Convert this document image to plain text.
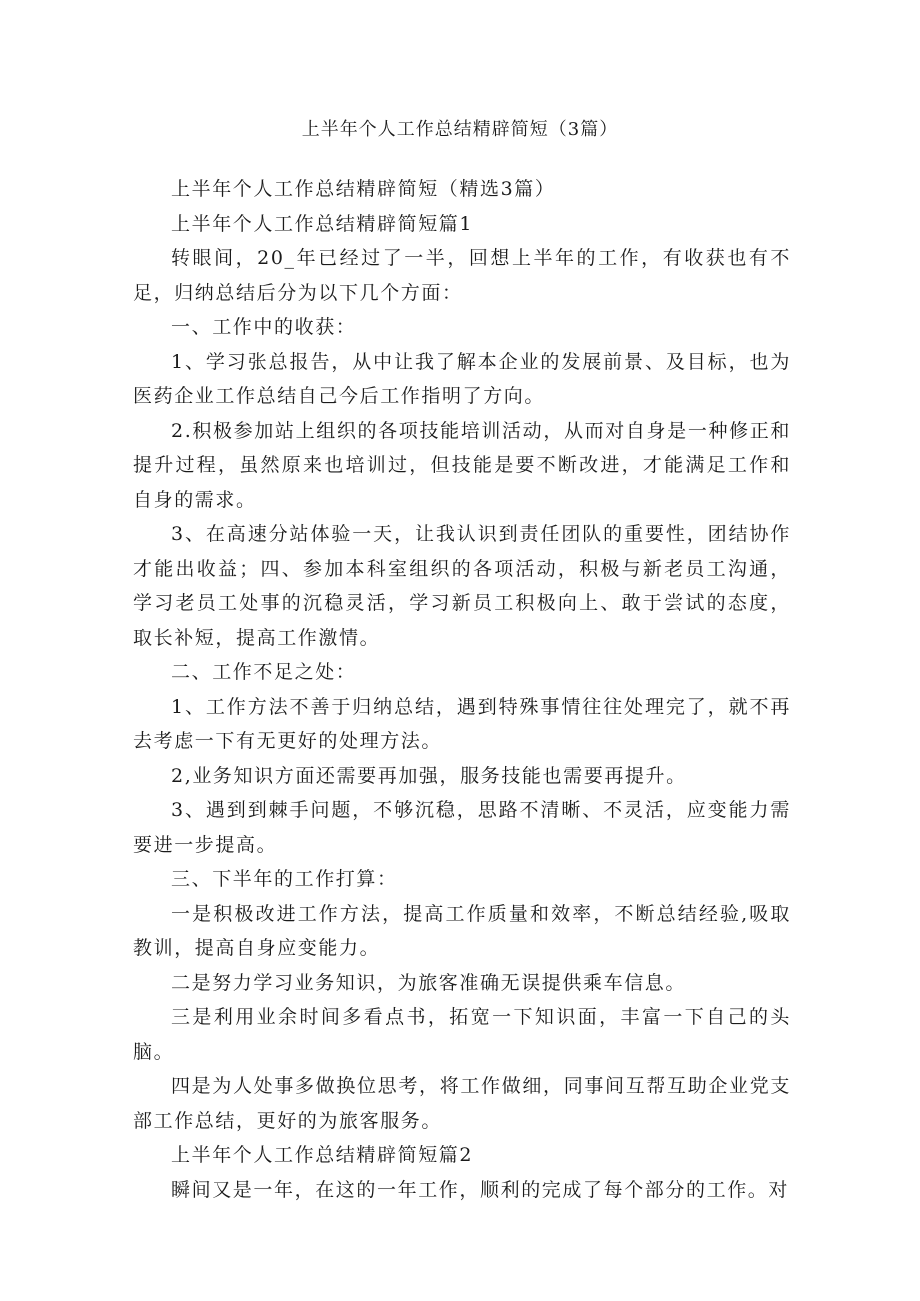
上半年个人工作总结精辟简短（3篇）

上半年个人工作总结精辟简短（精选3篇）

上半年个人工作总结精辟简短篇1

转眼间，20_年已经过了一半，回想上半年的工作，有收获也有不足，归纳总结后分为以下几个方面：

一、工作中的收获：

1、学习张总报告，从中让我了解本企业的发展前景、及目标，也为医药企业工作总结自己今后工作指明了方向。

2.积极参加站上组织的各项技能培训活动，从而对自身是一种修正和提升过程，虽然原来也培训过，但技能是要不断改进，才能满足工作和自身的需求。

3、在高速分站体验一天，让我认识到责任团队的重要性，团结协作才能出收益；四、参加本科室组织的各项活动，积极与新老员工沟通，学习老员工处事的沉稳灵活，学习新员工积极向上、敢于尝试的态度，取长补短，提高工作激情。

二、工作不足之处：

1、工作方法不善于归纳总结，遇到特殊事情往往处理完了，就不再去考虑一下有无更好的处理方法。

2,业务知识方面还需要再加强，服务技能也需要再提升。

3、遇到到棘手问题，不够沉稳，思路不清晰、不灵活，应变能力需要进一步提高。

三、下半年的工作打算：

一是积极改进工作方法，提高工作质量和效率，不断总结经验,吸取教训，提高自身应变能力。

二是努力学习业务知识，为旅客准确无误提供乘车信息。

三是利用业余时间多看点书，拓宽一下知识面，丰富一下自己的头脑。

四是为人处事多做换位思考，将工作做细，同事间互帮互助企业党支部工作总结，更好的为旅客服务。

上半年个人工作总结精辟简短篇2

瞬间又是一年，在这的一年工作，顺利的完成了每个部分的工作。对
